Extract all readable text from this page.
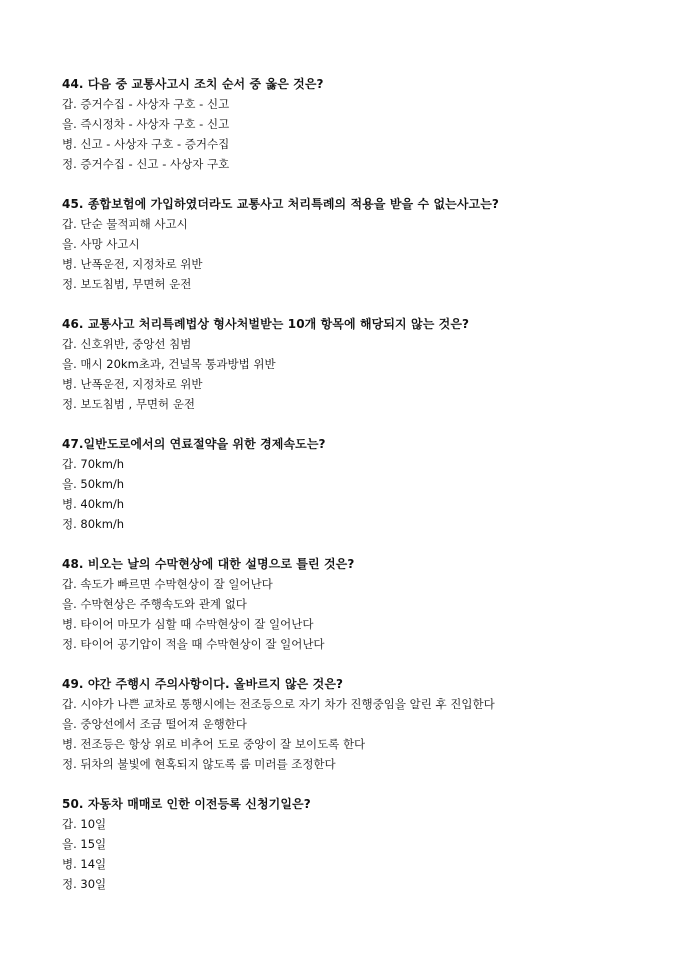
44. 다음 중 교통사고시 조치 순서 중 옳은 것은?
갑. 증거수집 - 사상자 구호 - 신고
을. 즉시정차 - 사상자 구호 - 신고
병. 신고 - 사상자 구호 - 증거수집
정. 증거수집 - 신고 - 사상자 구호
45. 종합보험에 가입하였더라도 교통사고 처리특례의 적용을 받을 수 없는사고는?
갑. 단순 물적피해 사고시
을. 사망 사고시
병. 난폭운전, 지정차로 위반
정. 보도침범, 무면허 운전
46. 교통사고 처리특례법상 형사처벌받는 10개 항목에 해당되지 않는 것은?
갑. 신호위반, 중앙선 침범
을. 매시 20km초과, 건널목 통과방법 위반
병. 난폭운전, 지정차로 위반
정. 보도침범 , 무면허 운전
47.일반도로에서의 연료절약을 위한 경제속도는?
갑. 70km/h
을. 50km/h
병. 40km/h
정. 80km/h
48. 비오는 날의 수막현상에 대한 설명으로 틀린 것은?
갑. 속도가 빠르면 수막현상이 잘 일어난다
을. 수막현상은 주행속도와 관계 없다
병. 타이어 마모가 심할 때 수막현상이 잘 일어난다
정. 타이어 공기압이 적을 때 수막현상이 잘 일어난다
49. 야간 주행시 주의사항이다. 올바르지 않은 것은?
갑. 시야가 나쁜 교차로 통행시에는 전조등으로 자기 차가 진행중임을 알린 후 진입한다
을. 중앙선에서 조금 떨어져 운행한다
병. 전조등은 항상 위로 비추어 도로 중앙이 잘 보이도록 한다
정. 뒤차의 불빛에 현혹되지 않도록 룸 미러를 조정한다
50. 자동차 매매로 인한 이전등록 신청기일은?
갑. 10일
을. 15일
병. 14일
정. 30일
